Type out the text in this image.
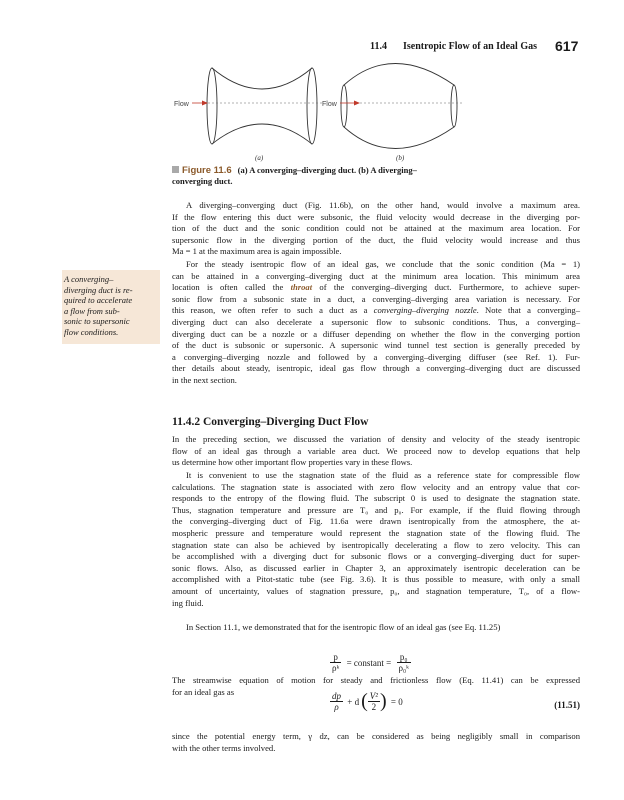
11.4 Isentropic Flow of an Ideal Gas 617
Flow
(a)
Flow
(b)
Figure 11.6 (a) A converging–diverging duct. (b) A diverging–
converging duct.
A converging–
diverging duct is re-
quired to accelerate
a flow from sub-
sonic to supersonic
flow conditions.
A diverging–converging duct (Fig. 11.6b), on the other hand, would involve a maximum area.
If the flow entering this duct were subsonic, the fluid velocity would decrease in the diverging por-
tion of the duct and the sonic condition could not be attained at the maximum area location. For
supersonic flow in the diverging portion of the duct, the fluid velocity would increase and thus
Ma = 1 at the maximum area is again impossible.
For the steady isentropic flow of an ideal gas, we conclude that the sonic condition (Ma = 1)
can be attained in a converging–diverging duct at the minimum area location. This minimum area
location is often called the throat of the converging–diverging duct. Furthermore, to achieve super-
sonic flow from a subsonic state in a duct, a converging–diverging area variation is necessary. For
this reason, we often refer to such a duct as a converging–diverging nozzle. Note that a converging–
diverging duct can also decelerate a supersonic flow to subsonic conditions. Thus, a converging–
diverging duct can be a nozzle or a diffuser depending on whether the flow in the converging portion
of the duct is subsonic or supersonic. A supersonic wind tunnel test section is generally preceded by
a converging–diverging nozzle and followed by a converging–diverging diffuser (see Ref. 1). Fur-
ther details about steady, isentropic, ideal gas flow through a converging–diverging duct are discussed
in the next section.
11.4.2 Converging–Diverging Duct Flow
In the preceding section, we discussed the variation of density and velocity of the steady isentropic
flow of an ideal gas through a variable area duct. We proceed now to develop equations that help
us determine how other important flow properties vary in these flows.
It is convenient to use the stagnation state of the fluid as a reference state for compressible flow
calculations. The stagnation state is associated with zero flow velocity and an entropy value that cor-
responds to the entropy of the flowing fluid. The subscript 0 is used to designate the stagnation state.
Thus, stagnation temperature and pressure are T₀ and p₀. For example, if the fluid flowing through
the converging–diverging duct of Fig. 11.6a were drawn isentropically from the atmosphere, the at-
mospheric pressure and temperature would represent the stagnation state of the flowing fluid. The
stagnation state can also be achieved by isentropically decelerating a flow to zero velocity. This can
be accomplished with a diverging duct for subsonic flows or a converging–diverging duct for super-
sonic flows. Also, as discussed earlier in Chapter 3, an approximately isentropic deceleration can be
accomplished with a Pitot-static tube (see Fig. 3.6). It is thus possible to measure, with only a small
amount of uncertainty, values of stagnation pressure, p₀, and stagnation temperature, T₀, of a flow-
ing fluid.
In Section 11.1, we demonstrated that for the isentropic flow of an ideal gas (see Eq. 11.25)
$\frac{p}{\text{ρᵏ}}$ = constant = $\frac{\text{p₀}}{\text{ρ₀ᵏ}}$
The streamwise equation of motion for steady and frictionless flow (Eq. 11.41) can be expressed
for an ideal gas as	$\frac{dp}{\rho} + d$ ( $\frac{\text{V²}}{2}$ ) = 0	(11.51)
since the potential energy term, γ dz, can be considered as being negligibly small in comparison
with the other terms involved.
